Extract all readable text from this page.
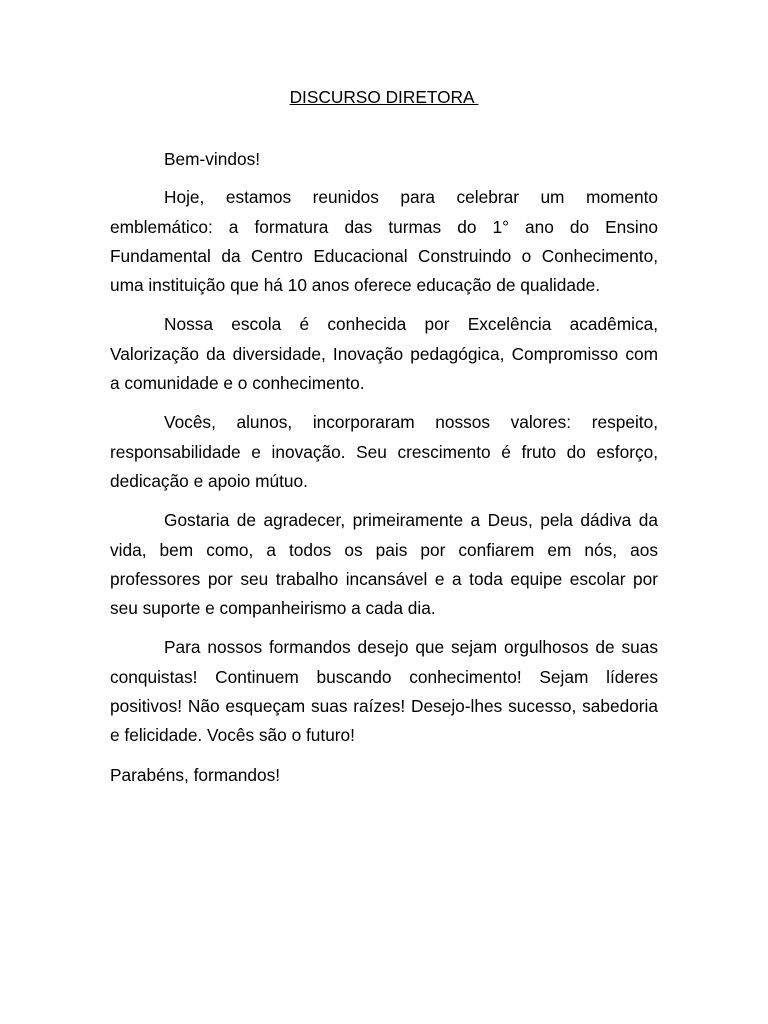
DISCURSO DIRETORA

Bem-vindos!

Hoje, estamos reunidos para celebrar um momento emblemático: a formatura das turmas do 1° ano do Ensino Fundamental da Centro Educacional Construindo o Conhecimento, uma instituição que há 10 anos oferece educação de qualidade.

Nossa escola é conhecida por Excelência acadêmica, Valorização da diversidade, Inovação pedagógica, Compromisso com a comunidade e o conhecimento.

Vocês, alunos, incorporaram nossos valores: respeito, responsabilidade e inovação. Seu crescimento é fruto do esforço, dedicação e apoio mútuo.

Gostaria de agradecer, primeiramente a Deus, pela dádiva da vida, bem como, a todos os pais por confiarem em nós, aos professores por seu trabalho incansável e a toda equipe escolar por seu suporte e companheirismo a cada dia.

Para nossos formandos desejo que sejam orgulhosos de suas conquistas! Continuem buscando conhecimento! Sejam líderes positivos! Não esqueçam suas raízes! Desejo-lhes sucesso, sabedoria e felicidade. Vocês são o futuro!

Parabéns, formandos!
